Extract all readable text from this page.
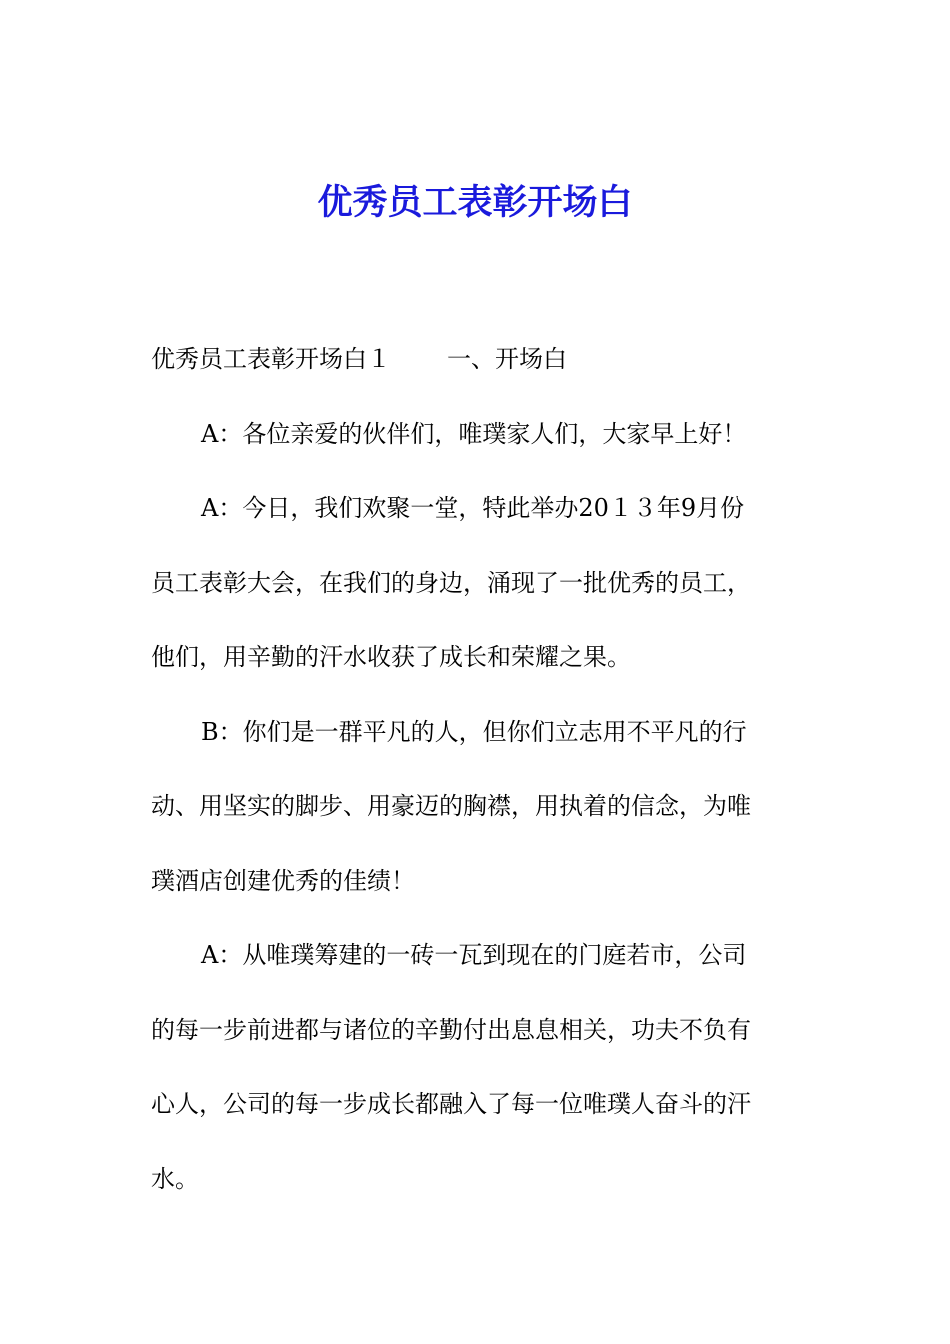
优秀员工表彰开场白
优秀员工表彰开场白１ 一、开场白
A：各位亲爱的伙伴们，唯璞家人们，大家早上好！
A：今日，我们欢聚一堂，特此举办20１３年9月份
员工表彰大会，在我们的身边，涌现了一批优秀的员工，
他们，用辛勤的汗水收获了成长和荣耀之果。
B：你们是一群平凡的人，但你们立志用不平凡的行
动、用坚实的脚步、用豪迈的胸襟，用执着的信念，为唯
璞酒店创建优秀的佳绩！
A：从唯璞筹建的一砖一瓦到现在的门庭若市，公司
的每一步前进都与诸位的辛勤付出息息相关，功夫不负有
心人，公司的每一步成长都融入了每一位唯璞人奋斗的汗
水。
